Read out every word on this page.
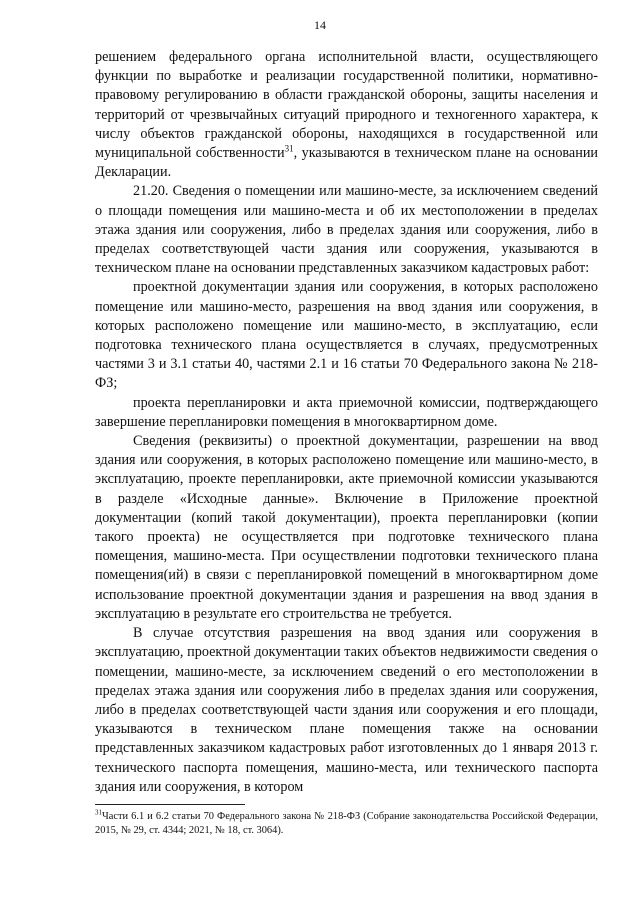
14

решением федерального органа исполнительной власти, осуществляющего функции по выработке и реализации государственной политики, нормативно-правовому регулированию в области гражданской обороны, защиты населения и территорий от чрезвычайных ситуаций природного и техногенного характера, к числу объектов гражданской обороны, находящихся в государственной или муниципальной собственности$^{31}$, указываются в техническом плане на основании Декларации.

21.20. Сведения о помещении или машино-месте, за исключением сведений о площади помещения или машино-места и об их местоположении в пределах этажа здания или сооружения, либо в пределах здания или сооружения, либо в пределах соответствующей части здания или сооружения, указываются в техническом плане на основании представленных заказчиком кадастровых работ:

проектной документации здания или сооружения, в которых расположено помещение или машино-место, разрешения на ввод здания или сооружения, в которых расположено помещение или машино-место, в эксплуатацию, если подготовка технического плана осуществляется в случаях, предусмотренных частями 3 и 3.1 статьи 40, частями 2.1 и 16 статьи 70 Федерального закона № 218-ФЗ;

проекта перепланировки и акта приемочной комиссии, подтверждающего завершение перепланировки помещения в многоквартирном доме.

Сведения (реквизиты) о проектной документации, разрешении на ввод здания или сооружения, в которых расположено помещение или машино-место, в эксплуатацию, проекте перепланировки, акте приемочной комиссии указываются в разделе «Исходные данные». Включение в Приложение проектной документации (копий такой документации), проекта перепланировки (копии такого проекта) не осуществляется при подготовке технического плана помещения, машино-места. При осуществлении подготовки технического плана помещения(ий) в связи с перепланировкой помещений в многоквартирном доме использование проектной документации здания и разрешения на ввод здания в эксплуатацию в результате его строительства не требуется.

В случае отсутствия разрешения на ввод здания или сооружения в эксплуатацию, проектной документации таких объектов недвижимости сведения о помещении, машино-месте, за исключением сведений о его местоположении в пределах этажа здания или сооружения либо в пределах здания или сооружения, либо в пределах соответствующей части здания или сооружения и его площади, указываются в техническом плане помещения также на основании представленных заказчиком кадастровых работ изготовленных до 1 января 2013 г. технического паспорта помещения, машино-места, или технического паспорта здания или сооружения, в котором

$^{31}$Части 6.1 и 6.2 статьи 70 Федерального закона № 218-ФЗ (Собрание законодательства Российской Федерации, 2015, № 29, ст. 4344; 2021, № 18, ст. 3064).
